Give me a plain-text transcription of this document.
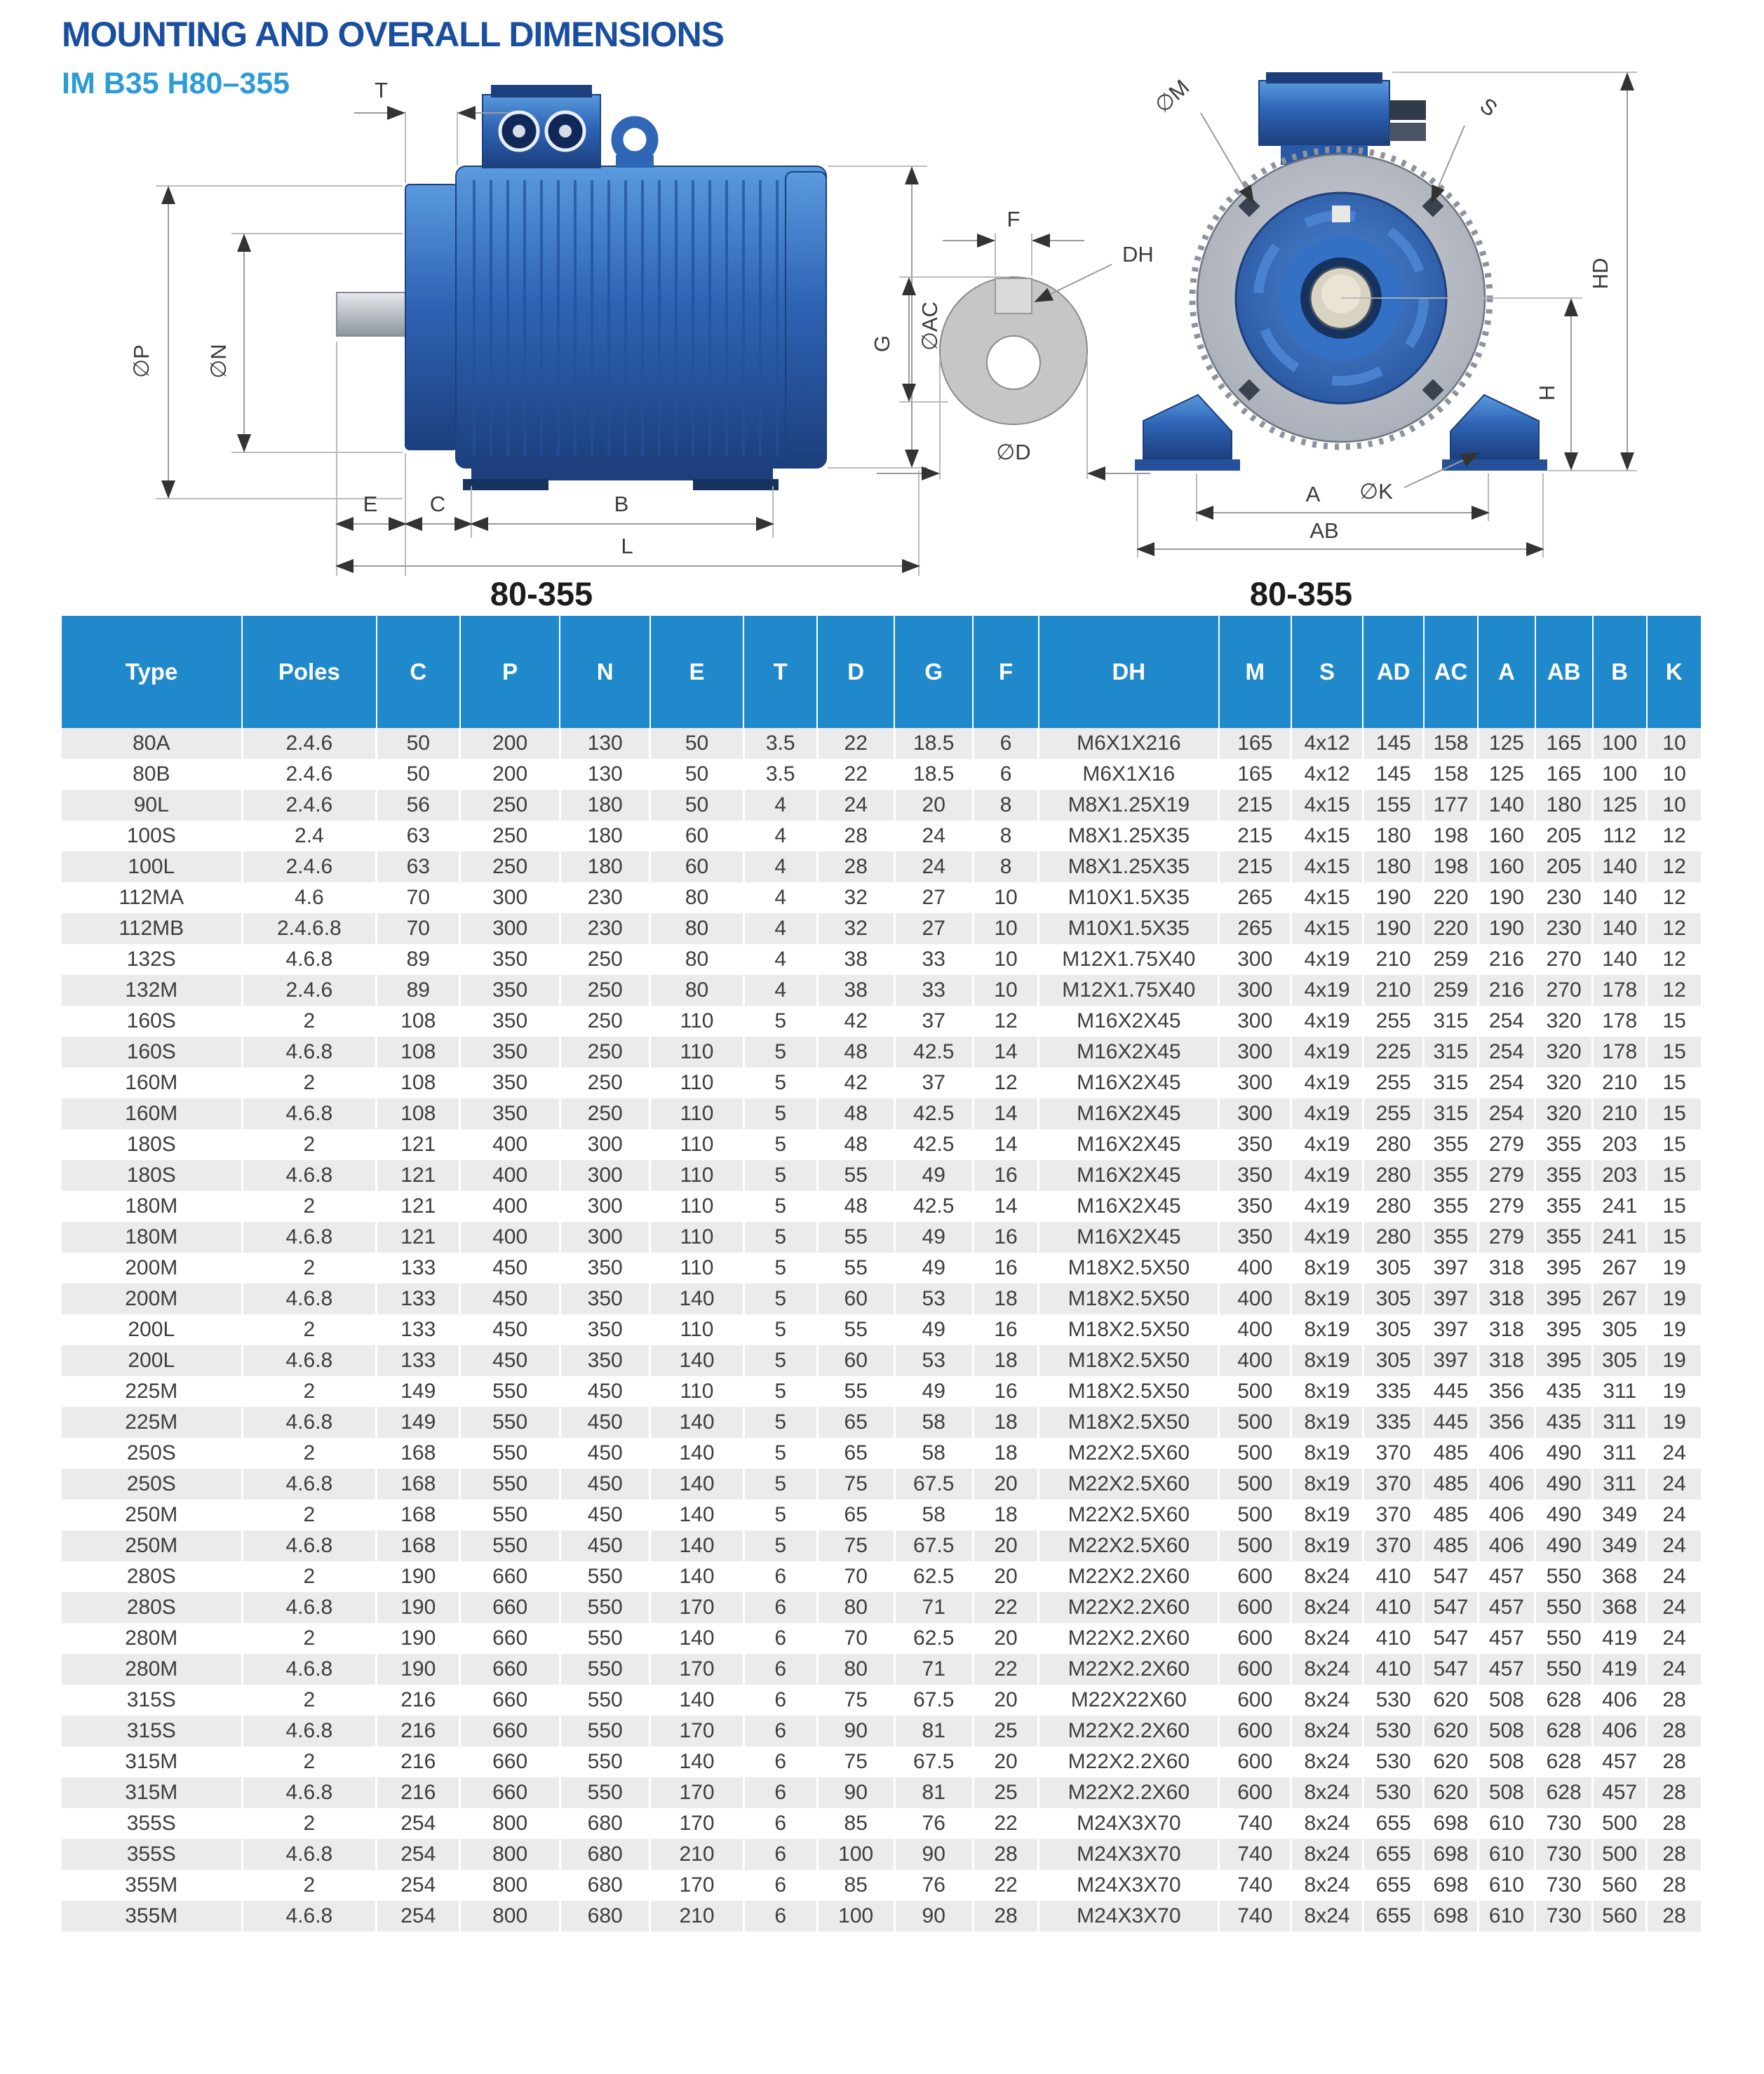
MOUNTING AND OVERALL DIMENSIONS
IM B35 H80–355	T
∅P ∅N
∅AC
E C	B
L
80-355
F
DH
G
∅D
∅M	S
HD
H
∅K
A
AB
80-355
Type	Poles	C	P	N	E	T	D	G	F	DH	M	S	AD	AC	A	AB	B	K
80A	2.4.6	50	200	130	50	3.5	22	18.5	6	M6X1X216	165	4x12	145	158	125	165	100	10
80B	2.4.6	50	200	130	50	3.5	22	18.5	6	M6X1X16	165	4x12	145	158	125	165	100	10
90L	2.4.6	56	250	180	50	4	24	20	8	M8X1.25X19	215	4x15	155	177	140	180	125	10
100S	2.4	63	250	180	60	4	28	24	8	M8X1.25X35	215	4x15	180	198	160	205	112	12
100L	2.4.6	63	250	180	60	4	28	24	8	M8X1.25X35	215	4x15	180	198	160	205	140	12
112MA	4.6	70	300	230	80	4	32	27	10	M10X1.5X35	265	4x15	190	220	190	230	140	12
112MB	2.4.6.8	70	300	230	80	4	32	27	10	M10X1.5X35	265	4x15	190	220	190	230	140	12
132S	4.6.8	89	350	250	80	4	38	33	10	M12X1.75X40	300	4x19	210	259	216	270	140	12
132M	2.4.6	89	350	250	80	4	38	33	10	M12X1.75X40	300	4x19	210	259	216	270	178	12
160S	2	108	350	250	110	5	42	37	12	M16X2X45	300	4x19	255	315	254	320	178	15
160S	4.6.8	108	350	250	110	5	48	42.5	14	M16X2X45	300	4x19	225	315	254	320	178	15
160M	2	108	350	250	110	5	42	37	12	M16X2X45	300	4x19	255	315	254	320	210	15
160M	4.6.8	108	350	250	110	5	48	42.5	14	M16X2X45	300	4x19	255	315	254	320	210	15
180S	2	121	400	300	110	5	48	42.5	14	M16X2X45	350	4x19	280	355	279	355	203	15
180S	4.6.8	121	400	300	110	5	55	49	16	M16X2X45	350	4x19	280	355	279	355	203	15
180M	2	121	400	300	110	5	48	42.5	14	M16X2X45	350	4x19	280	355	279	355	241	15
180M	4.6.8	121	400	300	110	5	55	49	16	M16X2X45	350	4x19	280	355	279	355	241	15
200M	2	133	450	350	110	5	55	49	16	M18X2.5X50	400	8x19	305	397	318	395	267	19
200M	4.6.8	133	450	350	140	5	60	53	18	M18X2.5X50	400	8x19	305	397	318	395	267	19
200L	2	133	450	350	110	5	55	49	16	M18X2.5X50	400	8x19	305	397	318	395	305	19
200L	4.6.8	133	450	350	140	5	60	53	18	M18X2.5X50	400	8x19	305	397	318	395	305	19
225M	2	149	550	450	110	5	55	49	16	M18X2.5X50	500	8x19	335	445	356	435	311	19
225M	4.6.8	149	550	450	140	5	65	58	18	M18X2.5X50	500	8x19	335	445	356	435	311	19
250S	2	168	550	450	140	5	65	58	18	M22X2.5X60	500	8x19	370	485	406	490	311	24
250S	4.6.8	168	550	450	140	5	75	67.5	20	M22X2.5X60	500	8x19	370	485	406	490	311	24
250M	2	168	550	450	140	5	65	58	18	M22X2.5X60	500	8x19	370	485	406	490	349	24
250M	4.6.8	168	550	450	140	5	75	67.5	20	M22X2.5X60	500	8x19	370	485	406	490	349	24
280S	2	190	660	550	140	6	70	62.5	20	M22X2.2X60	600	8x24	410	547	457	550	368	24
280S	4.6.8	190	660	550	170	6	80	71	22	M22X2.2X60	600	8x24	410	547	457	550	368	24
280M	2	190	660	550	140	6	70	62.5	20	M22X2.2X60	600	8x24	410	547	457	550	419	24
280M	4.6.8	190	660	550	170	6	80	71	22	M22X2.2X60	600	8x24	410	547	457	550	419	24
315S	2	216	660	550	140	6	75	67.5	20	M22X22X60	600	8x24	530	620	508	628	406	28
315S	4.6.8	216	660	550	170	6	90	81	25	M22X2.2X60	600	8x24	530	620	508	628	406	28
315M	2	216	660	550	140	6	75	67.5	20	M22X2.2X60	600	8x24	530	620	508	628	457	28
315M	4.6.8	216	660	550	170	6	90	81	25	M22X2.2X60	600	8x24	530	620	508	628	457	28
355S	2	254	800	680	170	6	85	76	22	M24X3X70	740	8x24	655	698	610	730	500	28
355S	4.6.8	254	800	680	210	6	100	90	28	M24X3X70	740	8x24	655	698	610	730	500	28
355M	2	254	800	680	170	6	85	76	22	M24X3X70	740	8x24	655	698	610	730	560	28
355M	4.6.8	254	800	680	210	6	100	90	28	M24X3X70	740	8x24	655	698	610	730	560	28
